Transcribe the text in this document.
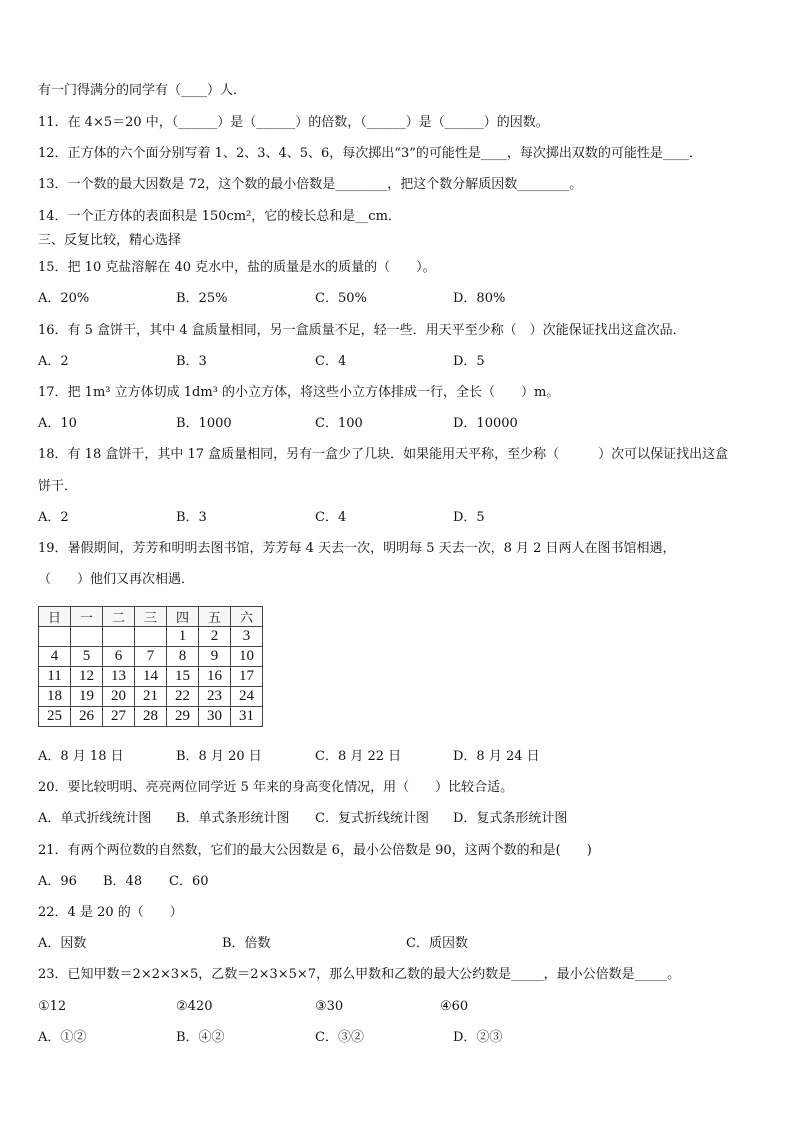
有一门得满分的同学有（____）人．
11．在 4×5＝20 中，（______）是（______）的倍数，（______）是（______）的因数。
12．正方体的六个面分别写着 1、2、3、4、5、6，每次掷出“3”的可能性是____，每次掷出双数的可能性是____．
13．一个数的最大因数是 72，这个数的最小倍数是________，把这个数分解质因数________。
14．一个正方体的表面积是 150cm²，它的棱长总和是__cm．
三、反复比较，精心选择
15．把 10 克盐溶解在 40 克水中，盐的质量是水的质量的（　　）。
A．20%	B．25%	C．50%	D．80%
16．有 5 盒饼干，其中 4 盒质量相同，另一盒质量不足，轻一些．用天平至少称（　）次能保证找出这盒次品．
A．2	B．3	C．4	D．5
17．把 1m³ 立方体切成 1dm³ 的小立方体，将这些小立方体排成一行，全长（　　）m。
A．10	B．1000	C．100	D．10000
18．有 18 盒饼干，其中 17 盒质量相同，另有一盒少了几块．如果能用天平称，至少称（　　　）次可以保证找出这盒
饼干．
A．2	B．3	C．4	D．5
19．暑假期间，芳芳和明明去图书馆，芳芳每 4 天去一次，明明每 5 天去一次，8 月 2 日两人在图书馆相遇，
（　　）他们又再次相遇．
日	一	二	三	四	五	六
				1	2	3
4	5	6	7	8	9	10
11	12	13	14	15	16	17
18	19	20	21	22	23	24
25	26	27	28	29	30	31
A．8 月 18 日	B．8 月 20 日	C．8 月 22 日	D．8 月 24 日
20．要比较明明、亮亮两位同学近 5 年来的身高变化情况，用（　　）比较合适。
A．单式折线统计图 B．单式条形统计图 C．复式折线统计图 D．复式条形统计图
21．有两个两位数的自然数，它们的最大公因数是 6，最小公倍数是 90，这两个数的和是(　　)
A．96 B．48 C．60
22．4 是 20 的（　　）
A．因数	B．倍数	C．质因数
23．已知甲数＝2×2×3×5，乙数＝2×3×5×7，那么甲数和乙数的最大公约数是_____，最小公倍数是_____。
①12	②420	③30	④60
A．①②	B．④②	C．③②	D．②③
